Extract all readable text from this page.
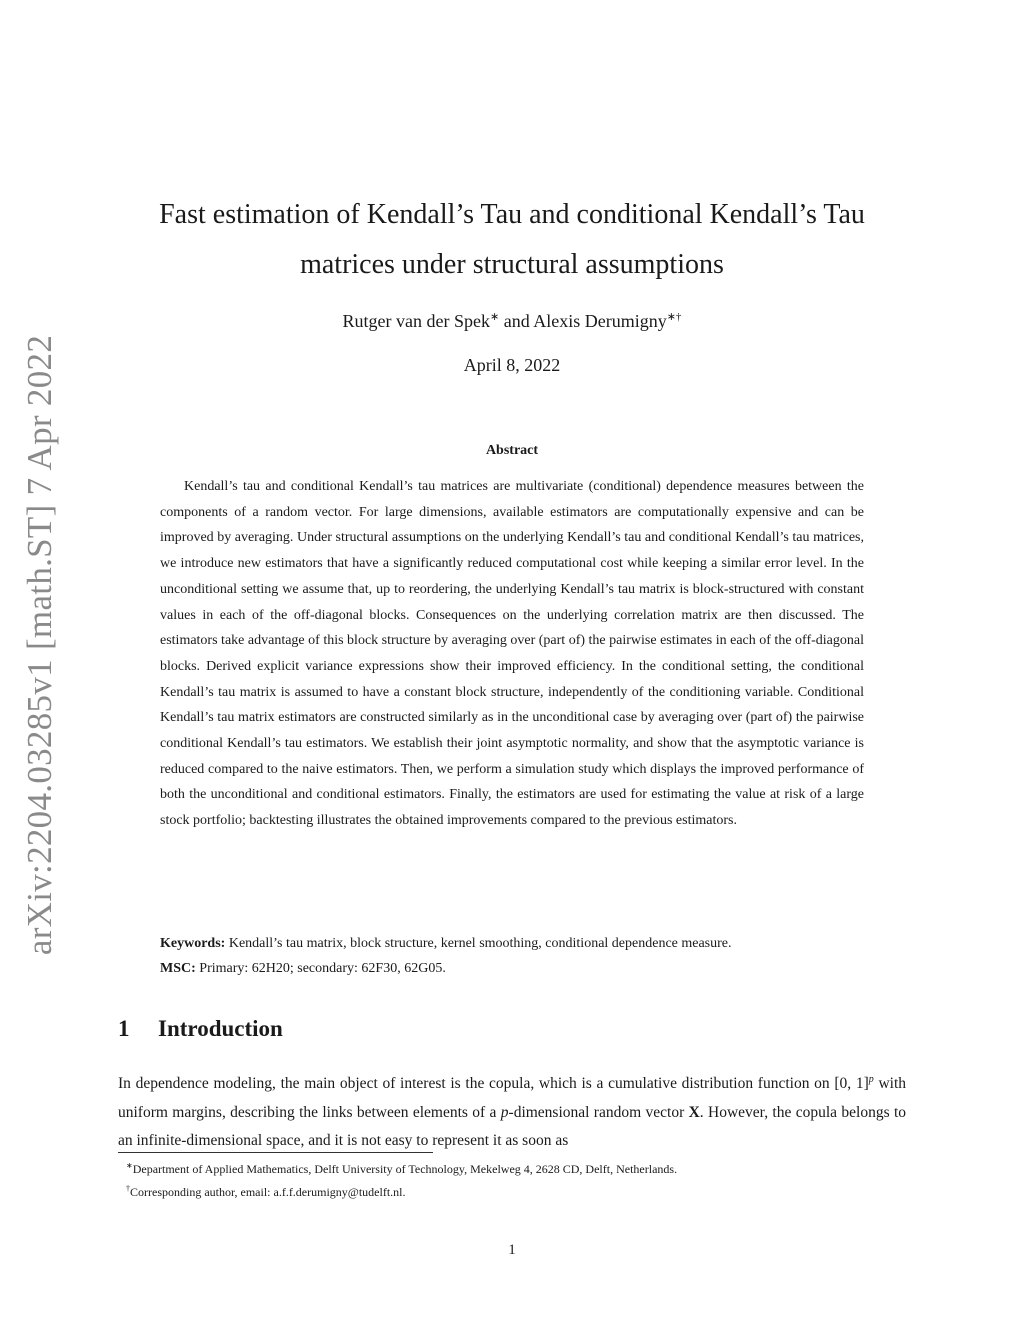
arXiv:2204.03285v1 [math.ST] 7 Apr 2022
Fast estimation of Kendall’s Tau and conditional Kendall’s Tau
matrices under structural assumptions
Rutger van der Spek∗ and Alexis Derumigny∗†
April 8, 2022
Abstract

Kendall’s tau and conditional Kendall’s tau matrices are multivariate (conditional) dependence measures between the components of a random vector. For large dimensions, available estimators are computationally expensive and can be improved by averaging. Under structural assumptions on the underlying Kendall’s tau and conditional Kendall’s tau matrices, we introduce new estimators that have a significantly reduced computational cost while keeping a similar error level. In the unconditional setting we assume that, up to reordering, the underlying Kendall’s tau matrix is block-structured with constant values in each of the off-diagonal blocks. Consequences on the underlying correlation matrix are then discussed. The estimators take advantage of this block structure by averaging over (part of) the pairwise estimates in each of the off-diagonal blocks. Derived explicit variance expressions show their improved efficiency. In the conditional setting, the conditional Kendall’s tau matrix is assumed to have a constant block structure, independently of the conditioning variable. Conditional Kendall’s tau matrix estimators are constructed similarly as in the unconditional case by averaging over (part of) the pairwise conditional Kendall’s tau estimators. We establish their joint asymptotic normality, and show that the asymptotic variance is reduced compared to the naive estimators. Then, we perform a simulation study which displays the improved performance of both the unconditional and conditional estimators. Finally, the estimators are used for estimating the value at risk of a large stock portfolio; backtesting illustrates the obtained improvements compared to the previous estimators.

Keywords: Kendall’s tau matrix, block structure, kernel smoothing, conditional dependence measure.
MSC: Primary: 62H20; secondary: 62F30, 62G05.
1 Introduction

In dependence modeling, the main object of interest is the copula, which is a cumulative distribution function on [0, 1]$^p$ with uniform margins, describing the links between elements of a p-dimensional random vector X. However, the copula belongs to an infinite-dimensional space, and it is not easy to represent it as soon as

∗Department of Applied Mathematics, Delft University of Technology, Mekelweg 4, 2628 CD, Delft, Netherlands.
†Corresponding author, email: a.f.f.derumigny@tudelft.nl.
1
